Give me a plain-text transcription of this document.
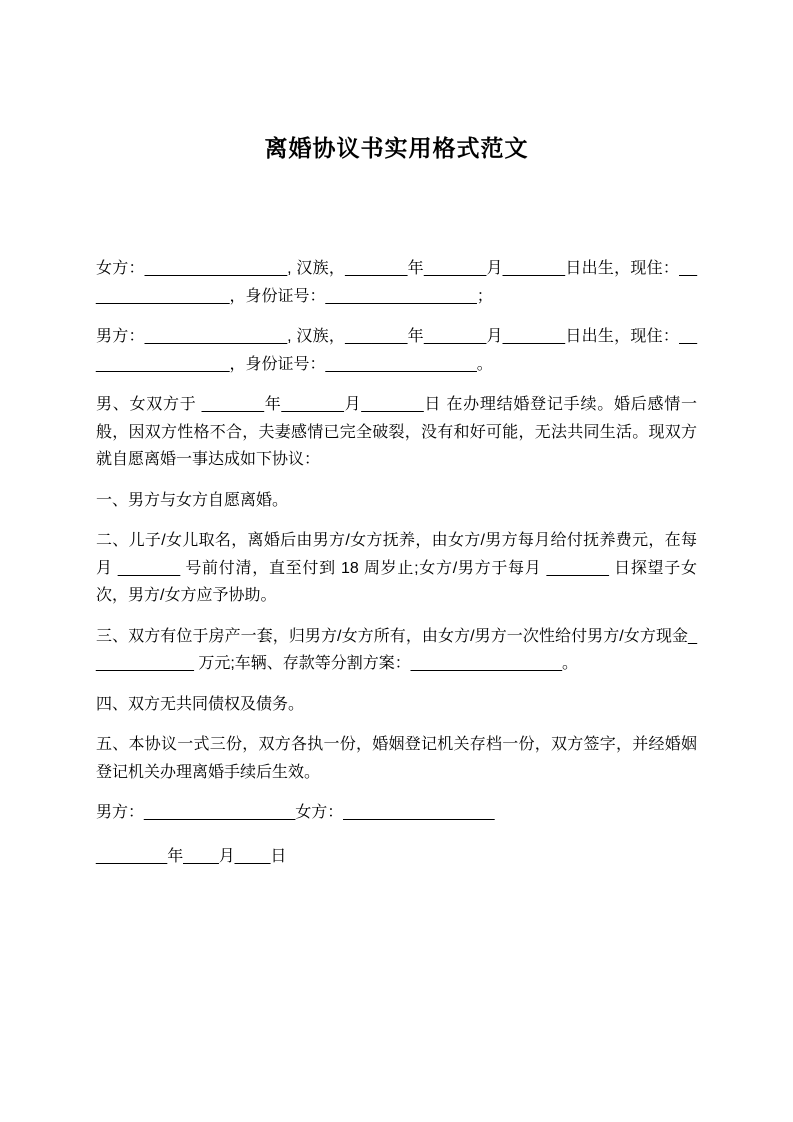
离婚协议书实用格式范文

女方：________________, 汉族，_______年_______月_______日出生，现住：_________________，身份证号：_________________；

男方：________________, 汉族，_______年_______月_______日出生，现住：_________________，身份证号：_________________。

男、女双方于 _______年_______月_______日 在办理结婚登记手续。婚后感情一般，因双方性格不合，夫妻感情已完全破裂，没有和好可能，无法共同生活。现双方就自愿离婚一事达成如下协议：

一、男方与女方自愿离婚。

二、儿子/女儿取名，离婚后由男方/女方抚养，由女方/男方每月给付抚养费元，在每月 _______ 号前付清，直至付到 18 周岁止;女方/男方于每月 _______ 日探望子女次，男方/女方应予协助。

三、双方有位于房产一套，归男方/女方所有，由女方/男方一次性给付男方/女方现金____________ 万元;车辆、存款等分割方案：_________________。

四、双方无共同债权及债务。

五、本协议一式三份，双方各执一份，婚姻登记机关存档一份，双方签字，并经婚姻登记机关办理离婚手续后生效。

男方：_________________女方：_________________

________年____月____日
